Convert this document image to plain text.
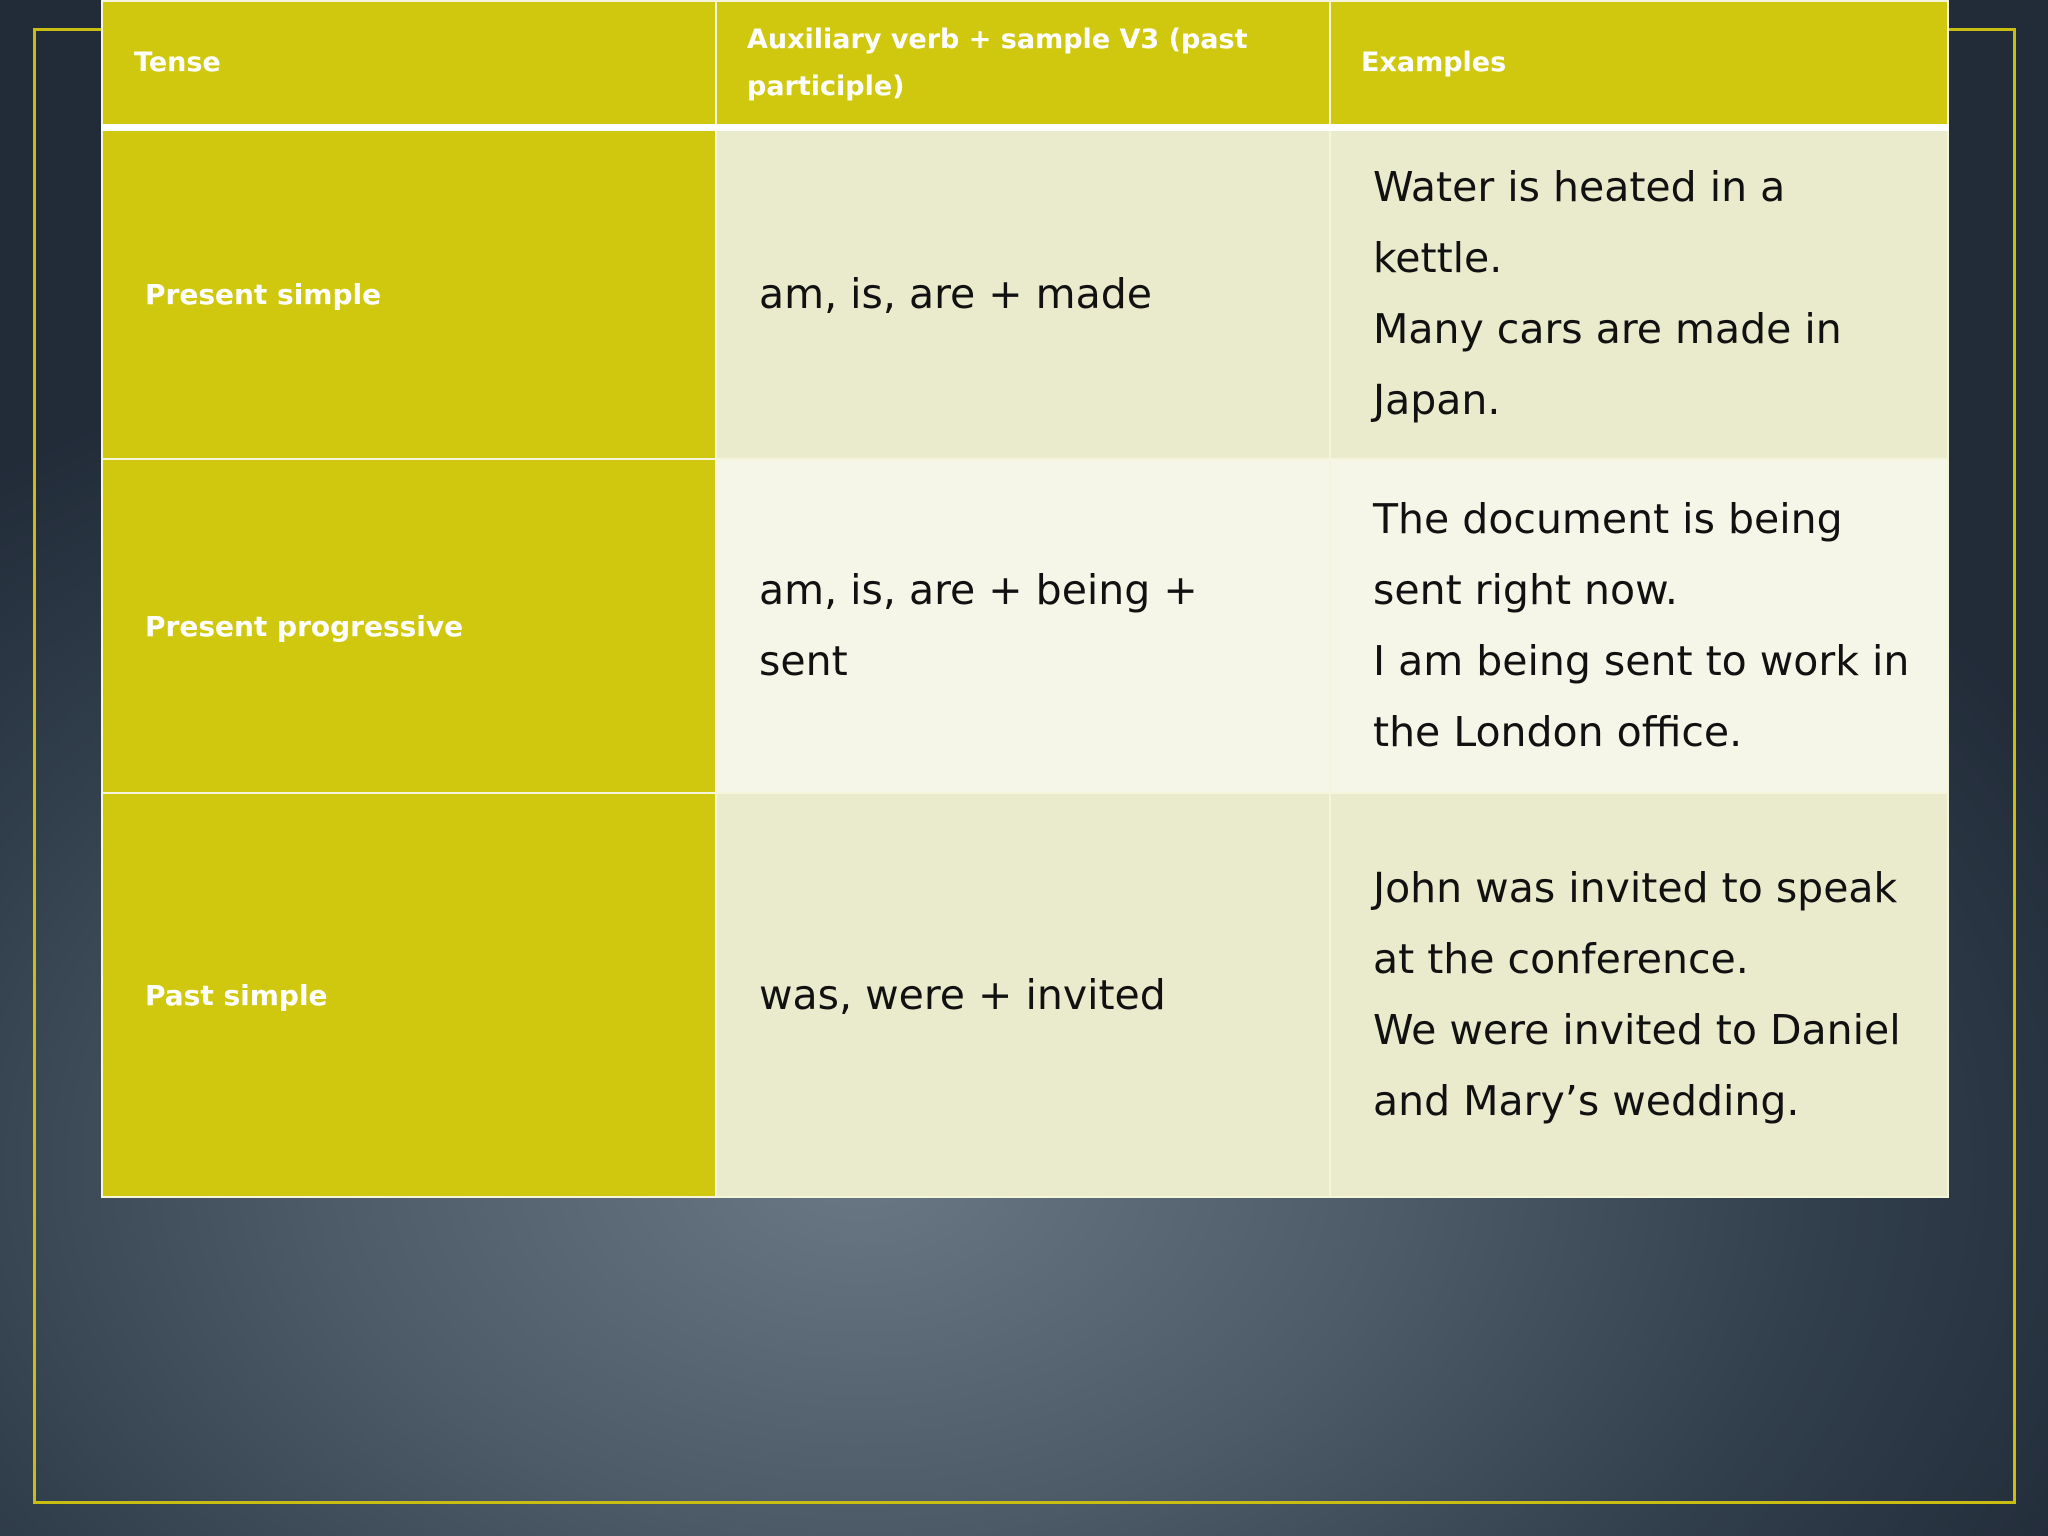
Tense	Auxiliary verb + sample V3 (past participle)	Examples
Present simple	am, is, are + made	Water is heated in a kettle.
Many cars are made in Japan.

Present progressive	am, is, are + being + sent	The document is being sent right now.
I am being sent to work in the London office.

Past simple	was, were + invited	John was invited to speak at the conference.
We were invited to Daniel and Mary’s wedding.
